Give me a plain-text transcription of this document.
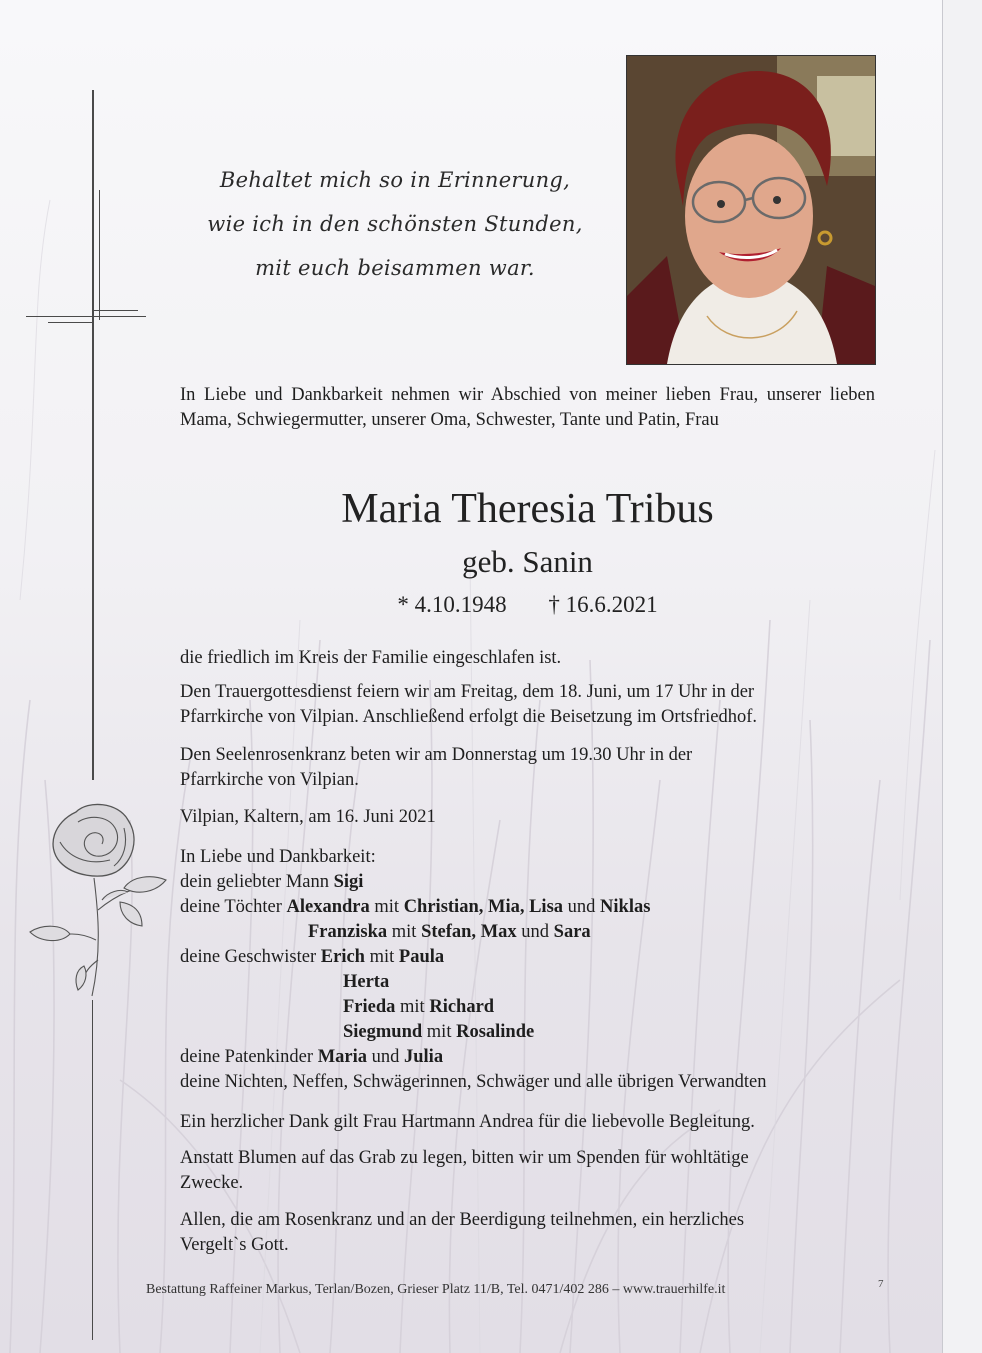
Behaltet mich so in Erinnerung,
wie ich in den schönsten Stunden,
mit euch beisammen war.
In Liebe und Dankbarkeit nehmen wir Abschied von meiner lieben Frau, unserer lieben Mama, Schwiegermutter, unserer Oma, Schwester, Tante und Patin, Frau
Maria Theresia Tribus
geb. Sanin
* 4.10.1948 † 16.6.2021
die friedlich im Kreis der Familie eingeschlafen ist.
Den Trauergottesdienst feiern wir am Freitag, dem 18. Juni, um 17 Uhr in der
Pfarrkirche von Vilpian. Anschließend erfolgt die Beisetzung im Ortsfriedhof.
Den Seelenrosenkranz beten wir am Donnerstag um 19.30 Uhr in der
Pfarrkirche von Vilpian.
Vilpian, Kaltern, am 16. Juni 2021
In Liebe und Dankbarkeit:
dein geliebter Mann Sigi
deine Töchter Alexandra mit Christian, Mia, Lisa und Niklas
Franziska mit Stefan, Max und Sara
deine Geschwister Erich mit Paula
Herta
Frieda mit Richard
Siegmund mit Rosalinde
deine Patenkinder Maria und Julia
deine Nichten, Neffen, Schwägerinnen, Schwäger und alle übrigen Verwandten
Ein herzlicher Dank gilt Frau Hartmann Andrea für die liebevolle Begleitung.
Anstatt Blumen auf das Grab zu legen, bitten wir um Spenden für wohltätige
Zwecke.
Allen, die am Rosenkranz und an der Beerdigung teilnehmen, ein herzliches
Vergelt`s Gott.
Bestattung Raffeiner Markus, Terlan/Bozen, Grieser Platz 11/B, Tel. 0471/402 286 – www.trauerhilfe.it	7
